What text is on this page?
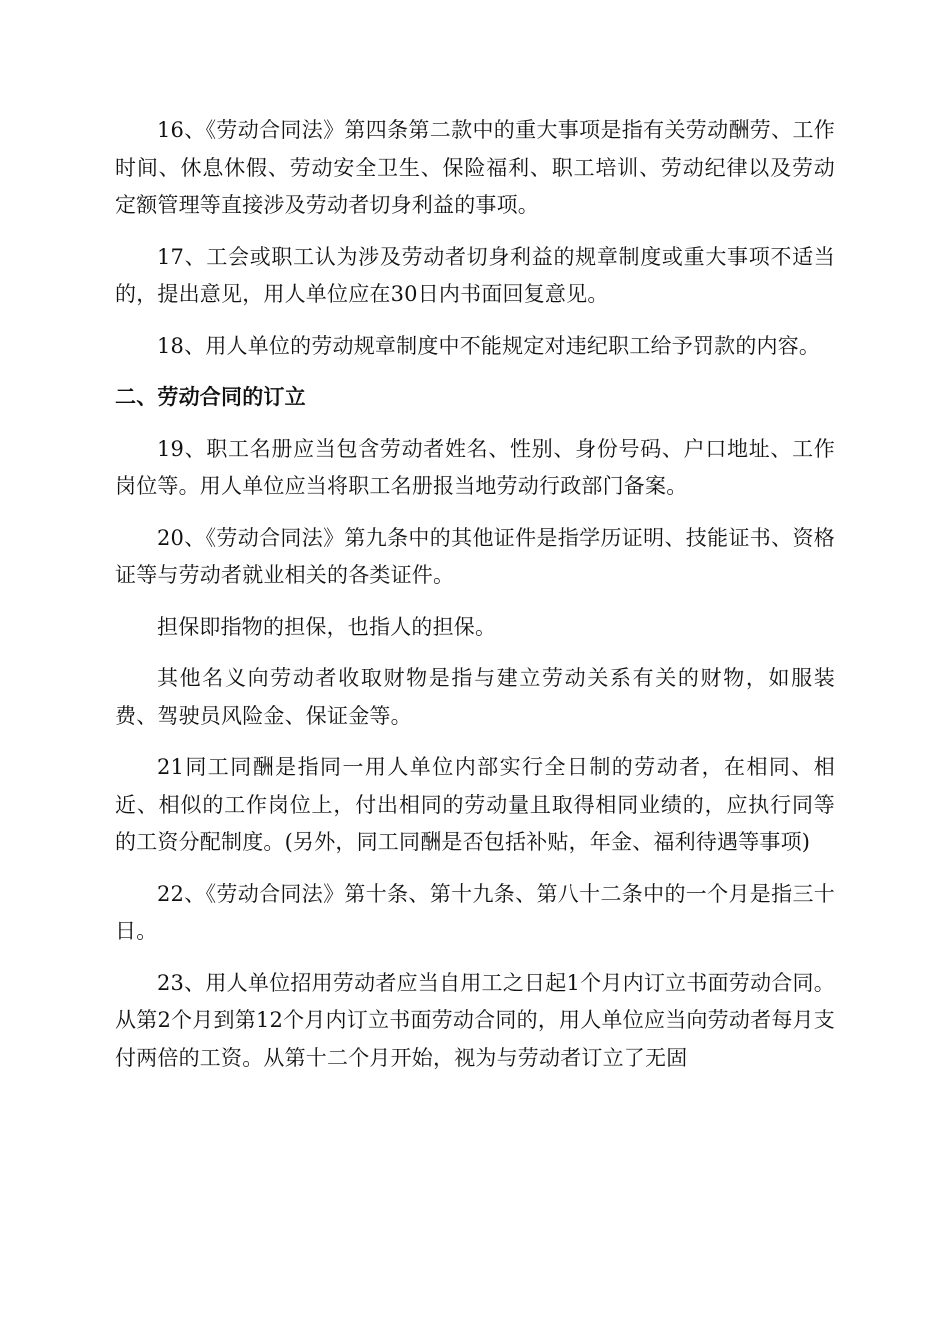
16、《劳动合同法》第四条第二款中的重大事项是指有关劳动酬劳、工作时间、休息休假、劳动安全卫生、保险福利、职工培训、劳动纪律以及劳动定额管理等直接涉及劳动者切身利益的事项。

17、工会或职工认为涉及劳动者切身利益的规章制度或重大事项不适当的，提出意见，用人单位应在30日内书面回复意见。

18、用人单位的劳动规章制度中不能规定对违纪职工给予罚款的内容。

二、劳动合同的订立

19、职工名册应当包含劳动者姓名、性别、身份号码、户口地址、工作岗位等。用人单位应当将职工名册报当地劳动行政部门备案。

20、《劳动合同法》第九条中的其他证件是指学历证明、技能证书、资格证等与劳动者就业相关的各类证件。

担保即指物的担保，也指人的担保。

其他名义向劳动者收取财物是指与建立劳动关系有关的财物，如服装费、驾驶员风险金、保证金等。

21同工同酬是指同一用人单位内部实行全日制的劳动者，在相同、相近、相似的工作岗位上，付出相同的劳动量且取得相同业绩的，应执行同等的工资分配制度。(另外，同工同酬是否包括补贴，年金、福利待遇等事项)

22、《劳动合同法》第十条、第十九条、第八十二条中的一个月是指三十日。

23、用人单位招用劳动者应当自用工之日起1个月内订立书面劳动合同。从第2个月到第12个月内订立书面劳动合同的，用人单位应当向劳动者每月支付两倍的工资。从第十二个月开始，视为与劳动者订立了无固
